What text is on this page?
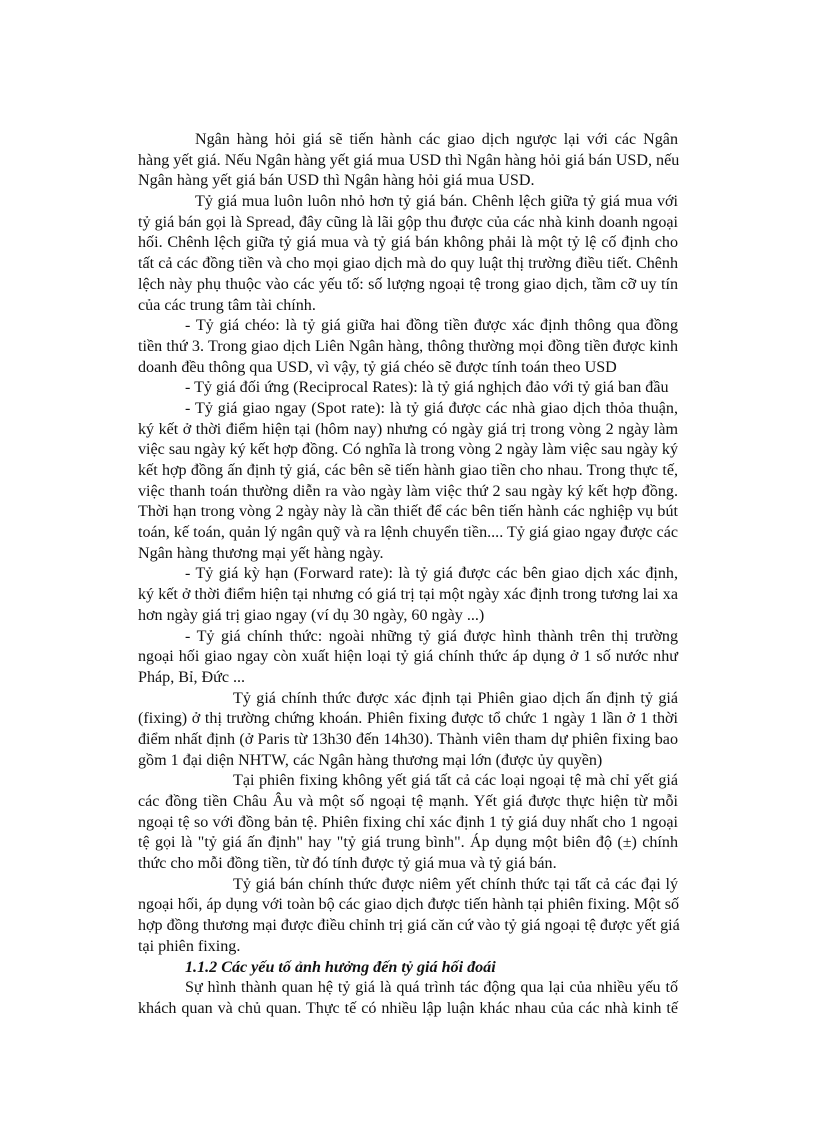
Ngân hàng hỏi giá sẽ tiến hành các giao dịch ngược lại với các Ngân
hàng yết giá. Nếu Ngân hàng yết giá mua USD thì Ngân hàng hỏi giá bán USD, nếu
Ngân hàng yết giá bán USD thì Ngân hàng hỏi giá mua USD.
Tỷ giá mua luôn luôn nhỏ hơn tỷ giá bán. Chênh lệch giữa tỷ giá mua với
tỷ giá bán gọi là Spread, đây cũng là lãi gộp thu được của các nhà kinh doanh ngoại
hối. Chênh lệch giữa tỷ giá mua và tỷ giá bán không phải là một tỷ lệ cố định cho
tất cả các đồng tiền và cho mọi giao dịch mà do quy luật thị trường điều tiết. Chênh
lệch này phụ thuộc vào các yếu tố: số lượng ngoại tệ trong giao dịch, tầm cỡ uy tín
của các trung tâm tài chính.
- Tỷ giá chéo: là tỷ giá giữa hai đồng tiền được xác định thông qua đồng
tiền thứ 3. Trong giao dịch Liên Ngân hàng, thông thường mọi đồng tiền được kinh
doanh đều thông qua USD, vì vậy, tỷ giá chéo sẽ được tính toán theo USD
- Tỷ giá đối ứng (Reciprocal Rates): là tỷ giá nghịch đảo với tỷ giá ban đầu
- Tỷ giá giao ngay (Spot rate): là tỷ giá được các nhà giao dịch thỏa thuận,
ký kết ở thời điểm hiện tại (hôm nay) nhưng có ngày giá trị trong vòng 2 ngày làm
việc sau ngày ký kết hợp đồng. Có nghĩa là trong vòng 2 ngày làm việc sau ngày ký
kết hợp đồng ấn định tỷ giá, các bên sẽ tiến hành giao tiền cho nhau. Trong thực tế,
việc thanh toán thường diễn ra vào ngày làm việc thứ 2 sau ngày ký kết hợp đồng.
Thời hạn trong vòng 2 ngày này là cần thiết để các bên tiến hành các nghiệp vụ bút
toán, kế toán, quản lý ngân quỹ và ra lệnh chuyển tiền.... Tỷ giá giao ngay được các
Ngân hàng thương mại yết hàng ngày.
- Tỷ giá kỳ hạn (Forward rate): là tỷ giá được các bên giao dịch xác định,
ký kết ở thời điểm hiện tại nhưng có giá trị tại một ngày xác định trong tương lai xa
hơn ngày giá trị giao ngay (ví dụ 30 ngày, 60 ngày ...)
- Tỷ giá chính thức: ngoài những tỷ giá được hình thành trên thị trường
ngoại hối giao ngay còn xuất hiện loại tỷ giá chính thức áp dụng ở 1 số nước như
Pháp, Bỉ, Đức ...
Tỷ giá chính thức được xác định tại Phiên giao dịch ấn định tỷ giá
(fixing) ở thị trường chứng khoán. Phiên fixing được tổ chức 1 ngày 1 lần ở 1 thời
điểm nhất định (ở Paris từ 13h30 đến 14h30). Thành viên tham dự phiên fixing bao
gồm 1 đại diện NHTW, các Ngân hàng thương mại lớn (được ủy quyền)
Tại phiên fixing không yết giá tất cả các loại ngoại tệ mà chỉ yết giá
các đồng tiền Châu Âu và một số ngoại tệ mạnh. Yết giá được thực hiện từ mỗi
ngoại tệ so với đồng bản tệ. Phiên fixing chỉ xác định 1 tỷ giá duy nhất cho 1 ngoại
tệ gọi là "tỷ giá ấn định" hay "tỷ giá trung bình". Áp dụng một biên độ (±) chính
thức cho mỗi đồng tiền, từ đó tính được tỷ giá mua và tỷ giá bán.
Tỷ giá bán chính thức được niêm yết chính thức tại tất cả các đại lý
ngoại hối, áp dụng với toàn bộ các giao dịch được tiến hành tại phiên fixing. Một số
hợp đồng thương mại được điều chỉnh trị giá căn cứ vào tỷ giá ngoại tệ được yết giá
tại phiên fixing.
1.1.2 Các yếu tố ảnh hưởng đến tỷ giá hối đoái
Sự hình thành quan hệ tỷ giá là quá trình tác động qua lại của nhiều yếu tố
khách quan và chủ quan. Thực tế có nhiều lập luận khác nhau của các nhà kinh tế
